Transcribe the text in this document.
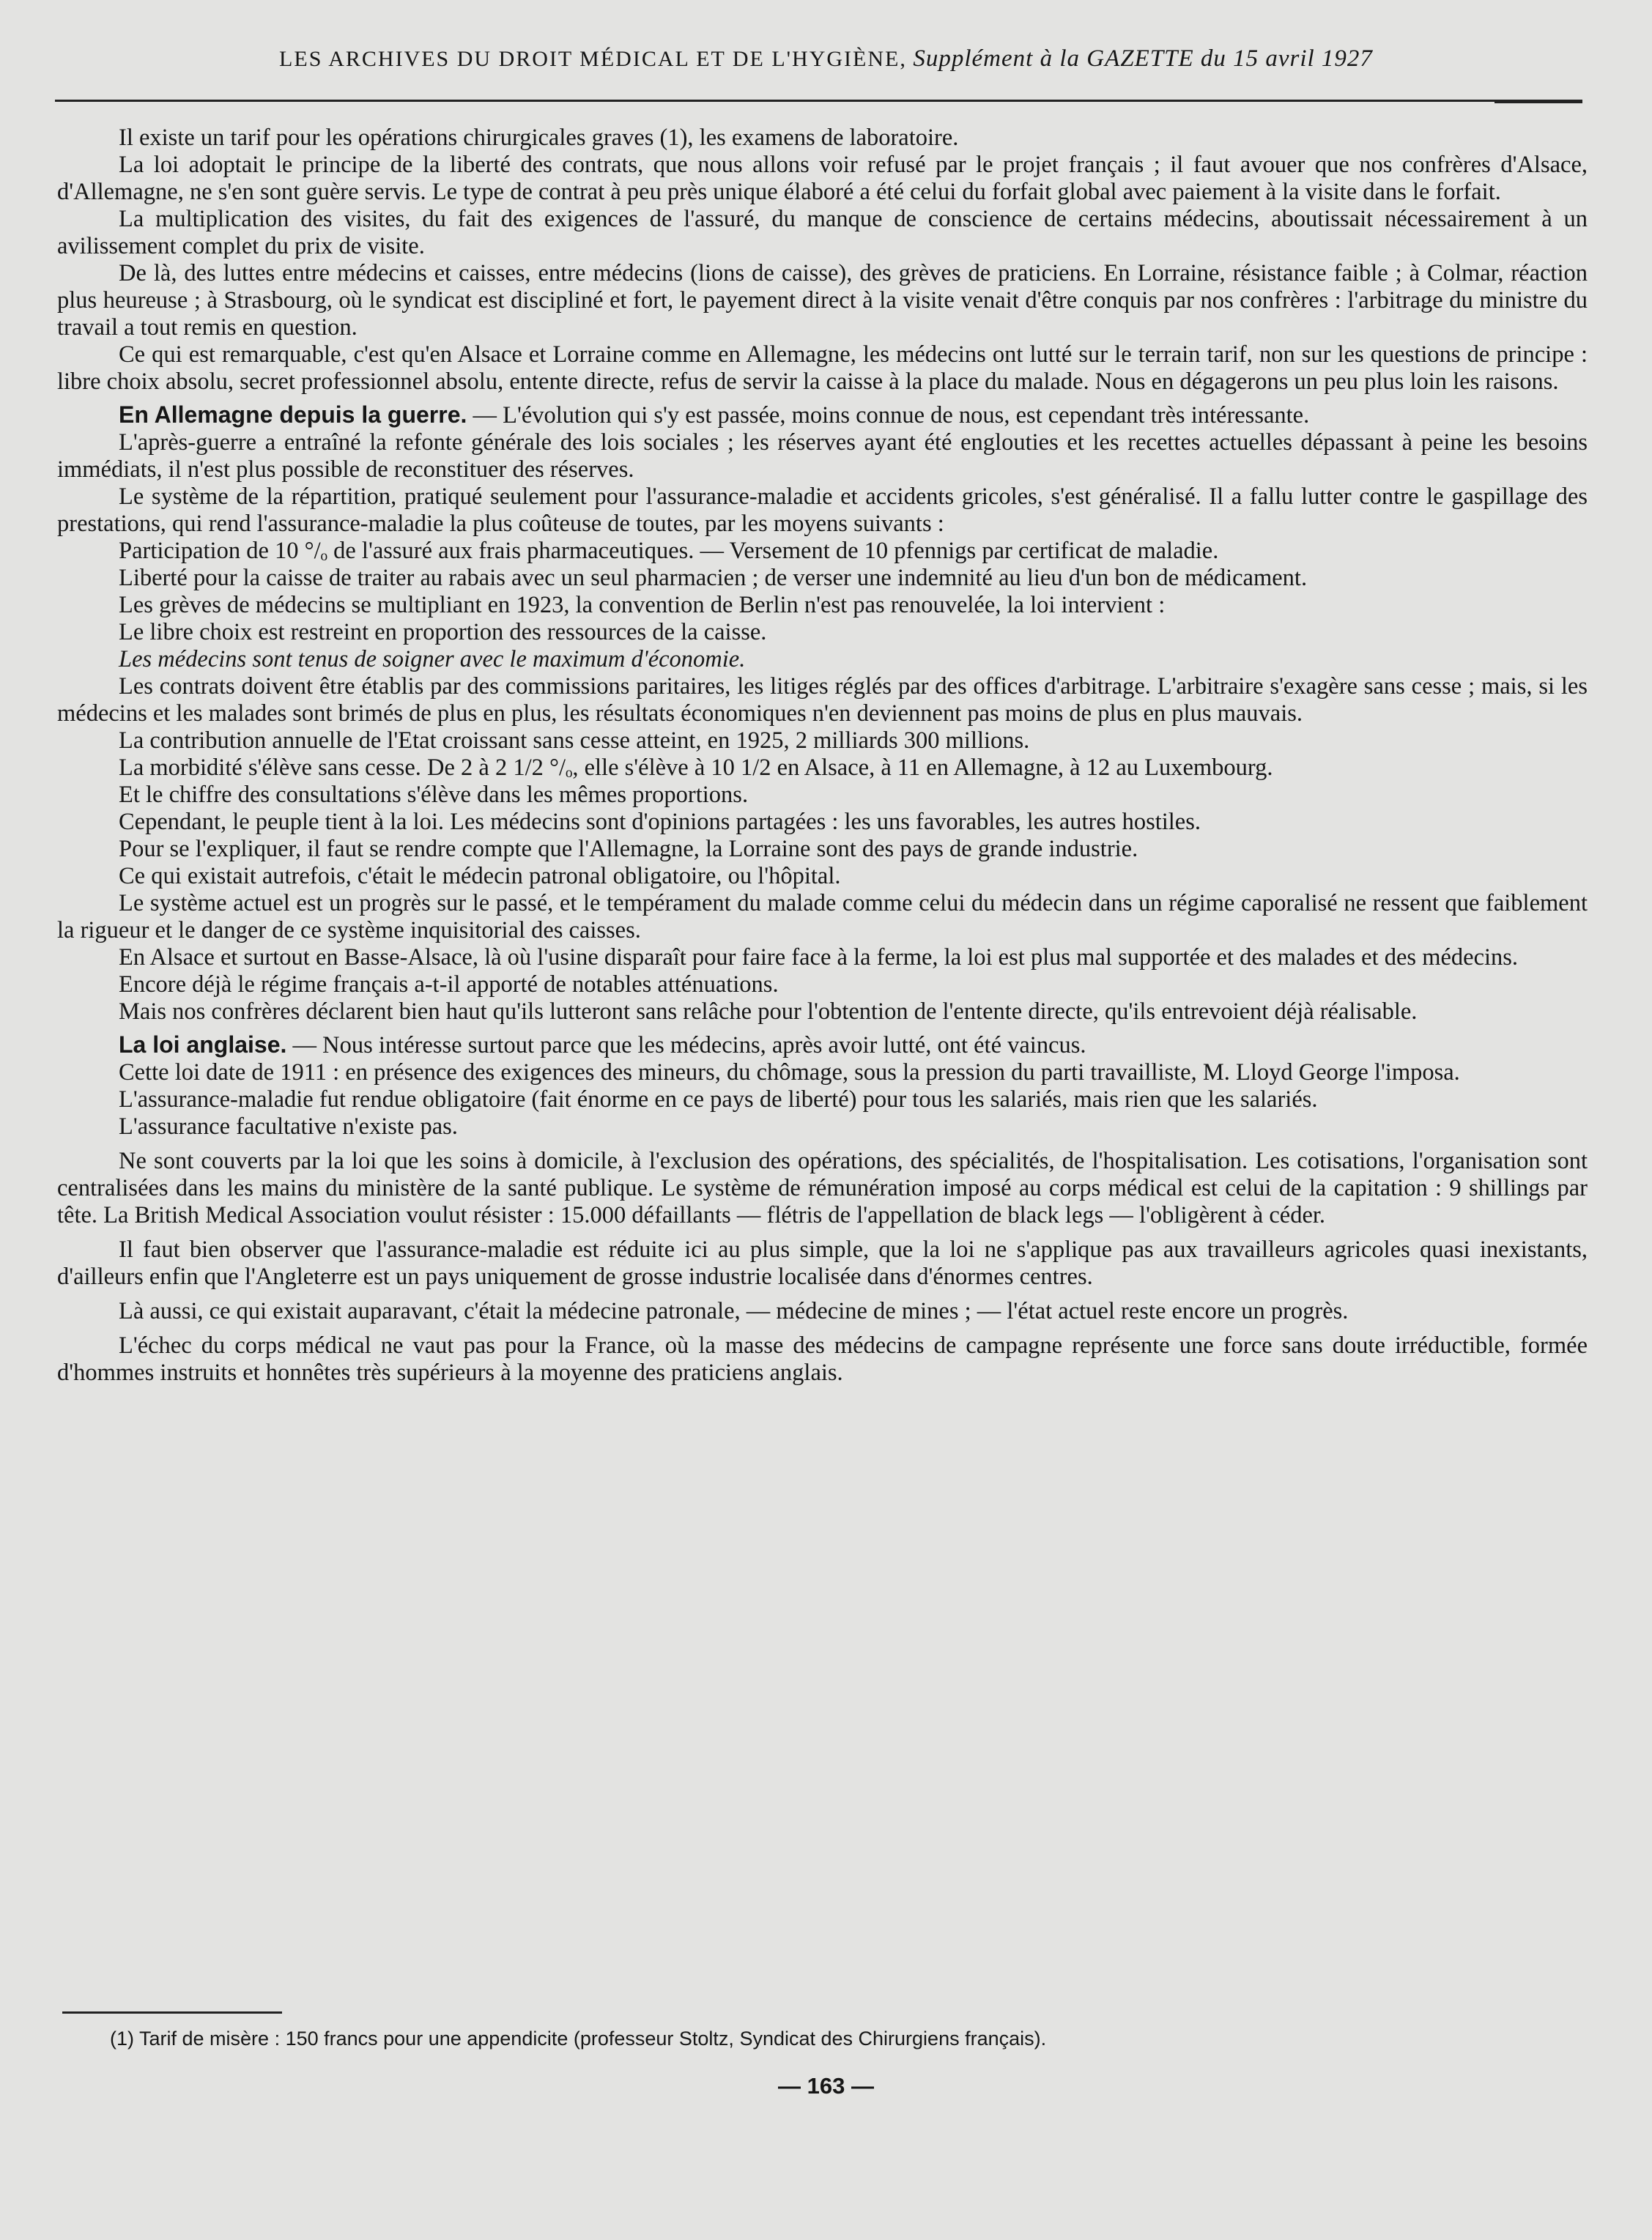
LES ARCHIVES DU DROIT MÉDICAL ET DE L'HYGIÈNE, Supplément à la GAZETTE du 15 avril 1927

Il existe un tarif pour les opérations chirurgicales graves (1), les examens de laboratoire.

La loi adoptait le principe de la liberté des contrats, que nous allons voir refusé par le projet français ; il faut avouer que nos confrères d'Alsace, d'Allemagne, ne s'en sont guère servis. Le type de contrat à peu près unique élaboré a été celui du forfait global avec paiement à la visite dans le forfait.

La multiplication des visites, du fait des exigences de l'assuré, du manque de conscience de certains médecins, aboutissait nécessairement à un avilissement complet du prix de visite.

De là, des luttes entre médecins et caisses, entre médecins (lions de caisse), des grèves de praticiens. En Lorraine, résistance faible ; à Colmar, réaction plus heureuse ; à Strasbourg, où le syndicat est discipliné et fort, le payement direct à la visite venait d'être conquis par nos confrères : l'arbitrage du ministre du travail a tout remis en question.

Ce qui est remarquable, c'est qu'en Alsace et Lorraine comme en Allemagne, les médecins ont lutté sur le terrain tarif, non sur les questions de principe : libre choix absolu, secret professionnel absolu, entente directe, refus de servir la caisse à la place du malade. Nous en dégagerons un peu plus loin les raisons.

En Allemagne depuis la guerre. — L'évolution qui s'y est passée, moins connue de nous, est cependant très intéressante.

L'après-guerre a entraîné la refonte générale des lois sociales ; les réserves ayant été englouties et les recettes actuelles dépassant à peine les besoins immédiats, il n'est plus possible de reconstituer des réserves.

Le système de la répartition, pratiqué seulement pour l'assurance-maladie et accidents gricoles, s'est généralisé. Il a fallu lutter contre le gaspillage des prestations, qui rend l'assurance-maladie la plus coûteuse de toutes, par les moyens suivants :

Participation de 10 °/ₒ de l'assuré aux frais pharmaceutiques. — Versement de 10 pfennigs par certificat de maladie.

Liberté pour la caisse de traiter au rabais avec un seul pharmacien ; de verser une indemnité au lieu d'un bon de médicament.

Les grèves de médecins se multipliant en 1923, la convention de Berlin n'est pas renouvelée, la loi intervient :

Le libre choix est restreint en proportion des ressources de la caisse.

Les médecins sont tenus de soigner avec le maximum d'économie.

Les contrats doivent être établis par des commissions paritaires, les litiges réglés par des offices d'arbitrage. L'arbitraire s'exagère sans cesse ; mais, si les médecins et les malades sont brimés de plus en plus, les résultats économiques n'en deviennent pas moins de plus en plus mauvais.

La contribution annuelle de l'Etat croissant sans cesse atteint, en 1925, 2 milliards 300 millions.

La morbidité s'élève sans cesse. De 2 à 2 1/2 °/ₒ, elle s'élève à 10 1/2 en Alsace, à 11 en Allemagne, à 12 au Luxembourg.

Et le chiffre des consultations s'élève dans les mêmes proportions.

Cependant, le peuple tient à la loi. Les médecins sont d'opinions partagées : les uns favorables, les autres hostiles.

Pour se l'expliquer, il faut se rendre compte que l'Allemagne, la Lorraine sont des pays de grande industrie.

Ce qui existait autrefois, c'était le médecin patronal obligatoire, ou l'hôpital.

Le système actuel est un progrès sur le passé, et le tempérament du malade comme celui du médecin dans un régime caporalisé ne ressent que faiblement la rigueur et le danger de ce système inquisitorial des caisses.

En Alsace et surtout en Basse-Alsace, là où l'usine disparaît pour faire face à la ferme, la loi est plus mal supportée et des malades et des médecins.

Encore déjà le régime français a-t-il apporté de notables atténuations.

Mais nos confrères déclarent bien haut qu'ils lutteront sans relâche pour l'obtention de l'entente directe, qu'ils entrevoient déjà réalisable.

La loi anglaise. — Nous intéresse surtout parce que les médecins, après avoir lutté, ont été vaincus.

Cette loi date de 1911 : en présence des exigences des mineurs, du chômage, sous la pression du parti travailliste, M. Lloyd George l'imposa.

L'assurance-maladie fut rendue obligatoire (fait énorme en ce pays de liberté) pour tous les salariés, mais rien que les salariés.

L'assurance facultative n'existe pas.

Ne sont couverts par la loi que les soins à domicile, à l'exclusion des opérations, des spécialités, de l'hospitalisation. Les cotisations, l'organisation sont centralisées dans les mains du ministère de la santé publique. Le système de rémunération imposé au corps médical est celui de la capitation : 9 shillings par tête. La British Medical Association voulut résister : 15.000 défaillants — flétris de l'appellation de black legs — l'obligèrent à céder.

Il faut bien observer que l'assurance-maladie est réduite ici au plus simple, que la loi ne s'applique pas aux travailleurs agricoles quasi inexistants, d'ailleurs enfin que l'Angleterre est un pays uniquement de grosse industrie localisée dans d'énormes centres.

Là aussi, ce qui existait auparavant, c'était la médecine patronale, — médecine de mines ; — l'état actuel reste encore un progrès.

L'échec du corps médical ne vaut pas pour la France, où la masse des médecins de campagne représente une force sans doute irréductible, formée d'hommes instruits et honnêtes très supérieurs à la moyenne des praticiens anglais.

(1) Tarif de misère : 150 francs pour une appendicite (professeur Stoltz, Syndicat des Chirurgiens français).
— 163 —
